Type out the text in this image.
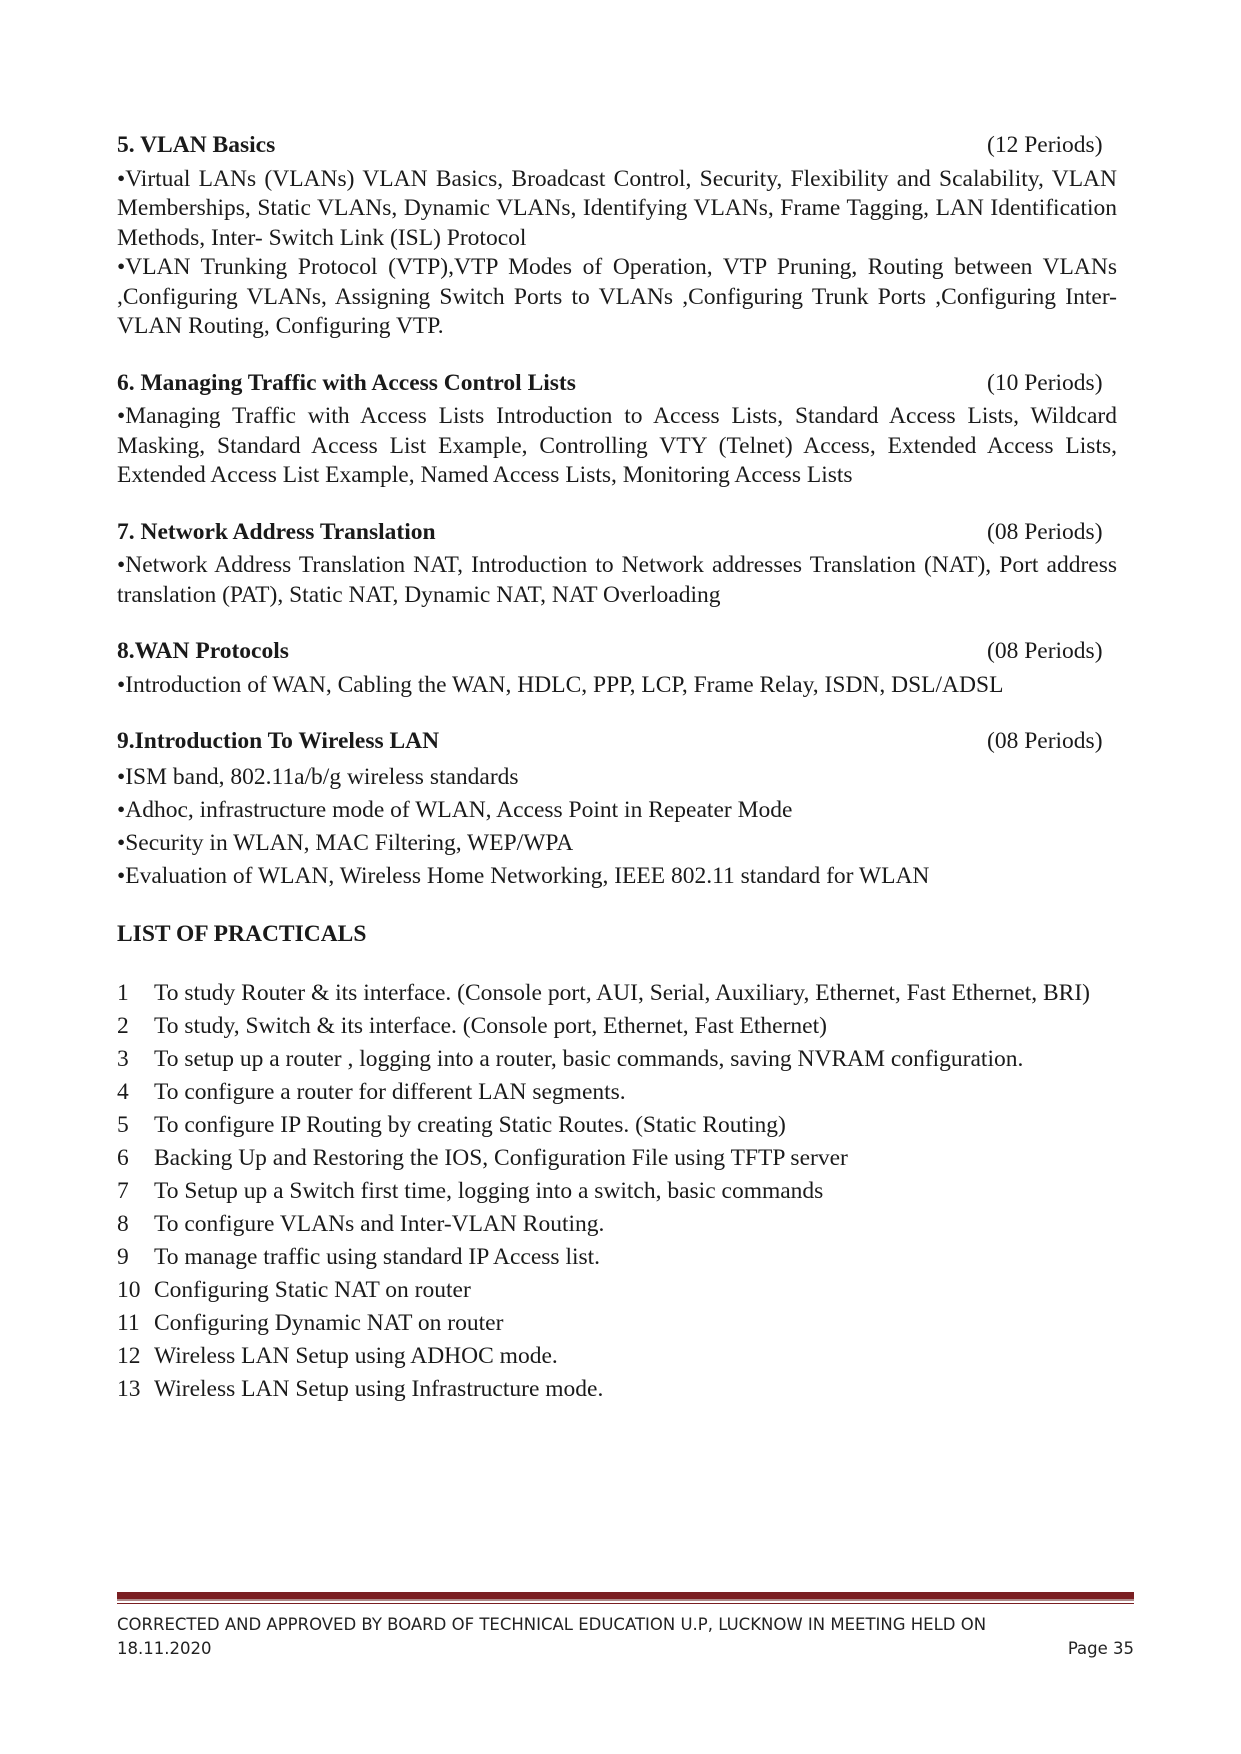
5. VLAN Basics	(12 Periods)

•Virtual LANs (VLANs) VLAN Basics, Broadcast Control, Security, Flexibility and Scalability, VLAN Memberships, Static VLANs, Dynamic VLANs, Identifying VLANs, Frame Tagging, LAN Identification Methods, Inter- Switch Link (ISL) Protocol

•VLAN Trunking Protocol (VTP),VTP Modes of Operation, VTP Pruning, Routing between VLANs ,Configuring VLANs, Assigning Switch Ports to VLANs ,Configuring Trunk Ports ,Configuring Inter- VLAN Routing, Configuring VTP.

6. Managing Traffic with Access Control Lists	(10 Periods)

•Managing Traffic with Access Lists Introduction to Access Lists, Standard Access Lists, Wildcard Masking, Standard Access List Example, Controlling VTY (Telnet) Access, Extended Access Lists, Extended Access List Example, Named Access Lists, Monitoring Access Lists

7. Network Address Translation	(08 Periods)

•Network Address Translation NAT, Introduction to Network addresses Translation (NAT), Port address translation (PAT), Static NAT, Dynamic NAT, NAT Overloading

8.WAN Protocols	(08 Periods)

•Introduction of WAN, Cabling the WAN, HDLC, PPP, LCP, Frame Relay, ISDN, DSL/ADSL

9.Introduction To Wireless LAN	(08 Periods)

•ISM band, 802.11a/b/g wireless standards

•Adhoc, infrastructure mode of WLAN, Access Point in Repeater Mode

•Security in WLAN, MAC Filtering, WEP/WPA

•Evaluation of WLAN, Wireless Home Networking, IEEE 802.11 standard for WLAN

LIST OF PRACTICALS
1	To study Router & its interface. (Console port, AUI, Serial, Auxiliary, Ethernet, Fast Ethernet, BRI)
2	To study, Switch & its interface. (Console port, Ethernet, Fast Ethernet)
3	To setup up a router , logging into a router, basic commands, saving NVRAM configuration.
4	To configure a router for different LAN segments.
5	To configure IP Routing by creating Static Routes. (Static Routing)
6	Backing Up and Restoring the IOS, Configuration File using TFTP server
7	To Setup up a Switch first time, logging into a switch, basic commands
8	To configure VLANs and Inter-VLAN Routing.
9	To manage traffic using standard IP Access list.
10 Configuring Static NAT on router
11 Configuring Dynamic NAT on router
12 Wireless LAN Setup using ADHOC mode.
13 Wireless LAN Setup using Infrastructure mode.
CORRECTED AND APPROVED BY BOARD OF TECHNICAL EDUCATION U.P, LUCKNOW IN MEETING HELD ON
18.11.2020	Page 35
